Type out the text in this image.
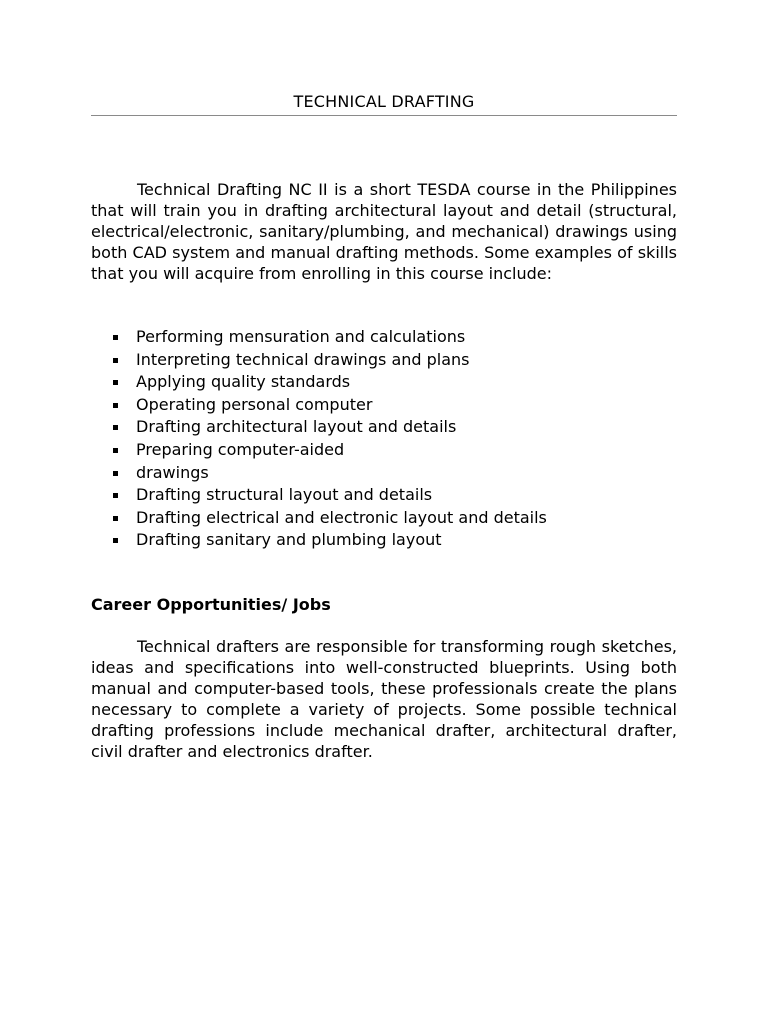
TECHNICAL DRAFTING

Technical Drafting NC II is a short TESDA course in the Philippines that will train you in drafting architectural layout and detail (structural, electrical/electronic, sanitary/plumbing, and mechanical) drawings using both CAD system and manual drafting methods. Some examples of skills that you will acquire from enrolling in this course include:

Performing mensuration and calculations
Interpreting technical drawings and plans
Applying quality standards
Operating personal computer
Drafting architectural layout and details
Preparing computer-aided
drawings
Drafting structural layout and details
Drafting electrical and electronic layout and details
Drafting sanitary and plumbing layout
Career Opportunities/ Jobs

Technical drafters are responsible for transforming rough sketches, ideas and specifications into well-constructed blueprints. Using both manual and computer-based tools, these professionals create the plans necessary to complete a variety of projects. Some possible technical drafting professions include mechanical drafter, architectural drafter, civil drafter and electronics drafter.
